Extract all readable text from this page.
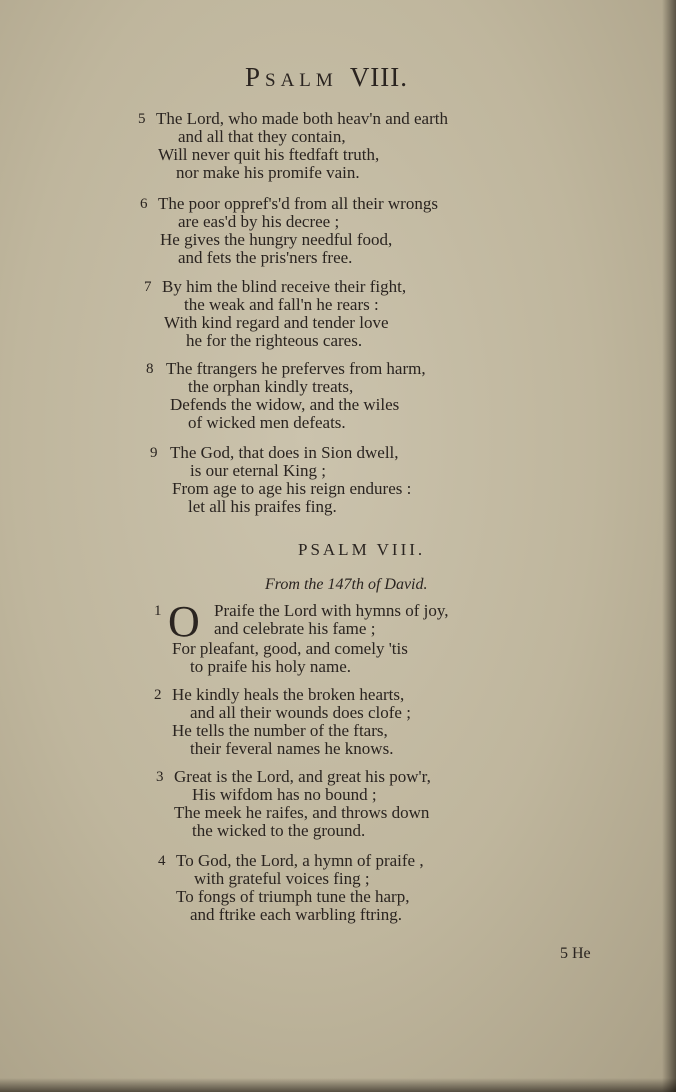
Psalm VIII.
5 The Lord, who made both heav'n and earth
and all that they contain,
Will never quit his ftedfaft truth,
nor make his promife vain.
6 The poor oppref's'd from all their wrongs
are eas'd by his decree ;
He gives the hungry needful food,
and fets the pris'ners free.
7 By him the blind receive their fight,
the weak and fall'n he rears :
With kind regard and tender love
he for the righteous cares.
8 The ftrangers he preferves from harm,
the orphan kindly treats,
Defends the widow, and the wiles
of wicked men defeats.
9 The God, that does in Sion dwell,
is our eternal King ;
From age to age his reign endures :
let all his praifes fing.
PSALM VIII.
From the 147th of David.
1 O Praife the Lord with hymns of joy,
and celebrate his fame ;
For pleafant, good, and comely 'tis
to praife his holy name.
2 He kindly heals the broken hearts,
and all their wounds does clofe ;
He tells the number of the ftars,
their feveral names he knows.
3 Great is the Lord, and great his pow'r,
His wifdom has no bound ;
The meek he raifes, and throws down
the wicked to the ground.
4 To God, the Lord, a hymn of praife ,
with grateful voices fing ;
To fongs of triumph tune the harp,
and ftrike each warbling ftring.
5 He
